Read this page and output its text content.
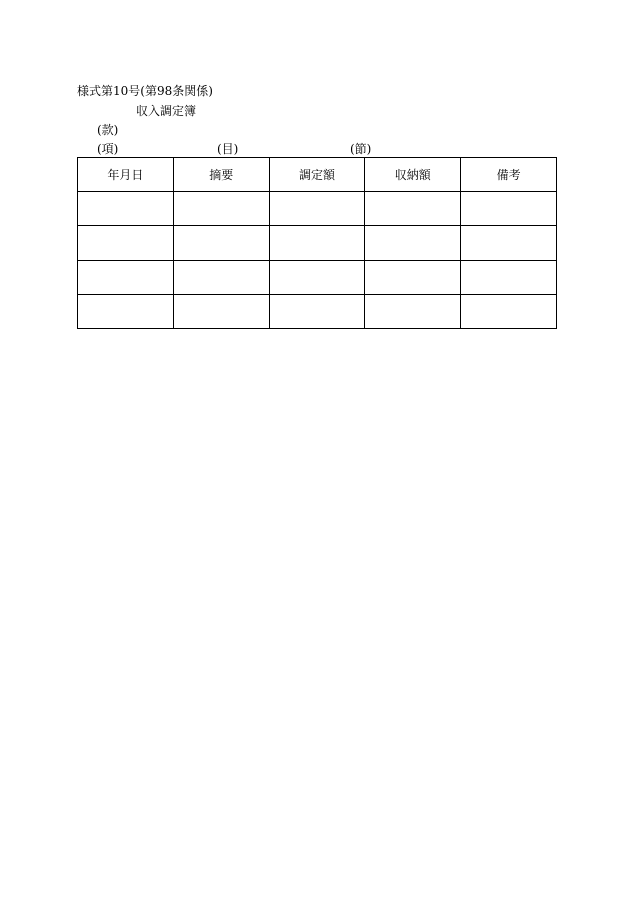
様式第10号(第98条関係)
収入調定簿
(款)
(項)	(目)	(節)
年月日	摘要	調定額	収納額	備考
